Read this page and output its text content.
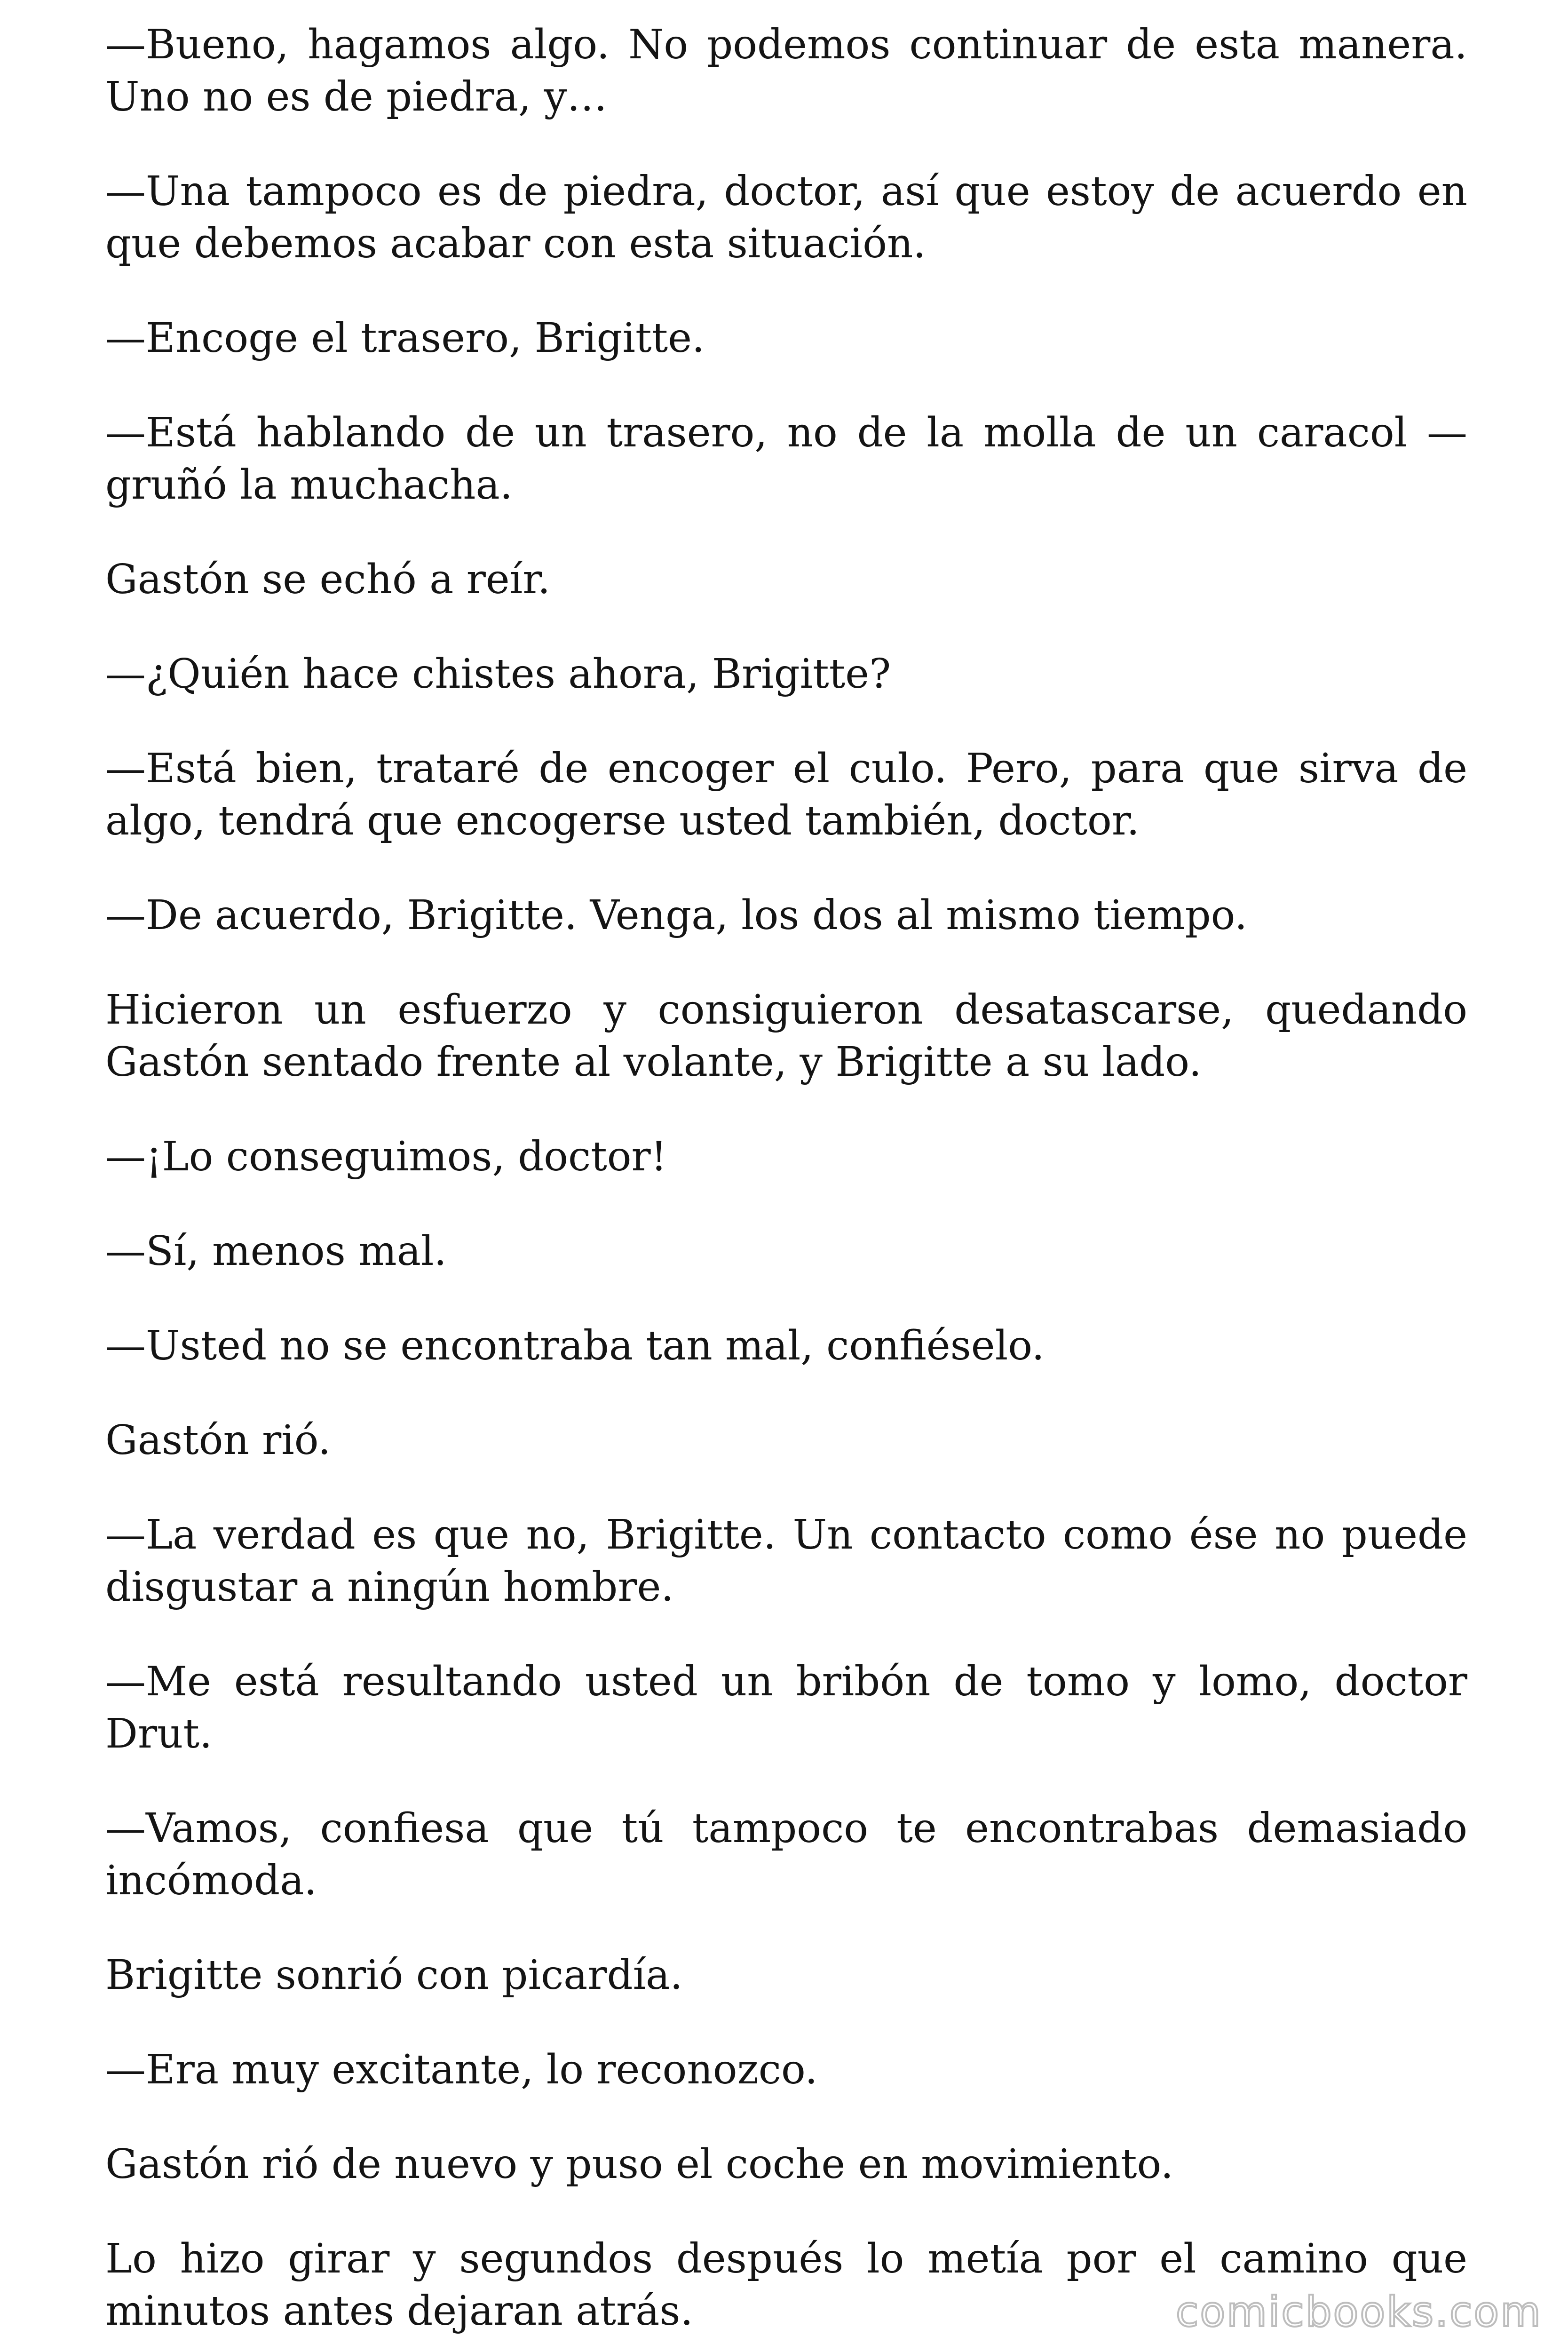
—Bueno, hagamos algo. No podemos continuar de esta manera. Uno no es de piedra, y…

—Una tampoco es de piedra, doctor, así que estoy de acuerdo en que debemos acabar con esta situación.

—Encoge el trasero, Brigitte.

—Está hablando de un trasero, no de la molla de un caracol —gruñó la muchacha.

Gastón se echó a reír.

—¿Quién hace chistes ahora, Brigitte?

—Está bien, trataré de encoger el culo. Pero, para que sirva de algo, tendrá que encogerse usted también, doctor.

—De acuerdo, Brigitte. Venga, los dos al mismo tiempo.

Hicieron un esfuerzo y consiguieron desatascarse, quedando Gastón sentado frente al volante, y Brigitte a su lado.

—¡Lo conseguimos, doctor!

—Sí, menos mal.

—Usted no se encontraba tan mal, confiéselo.

Gastón rió.

—La verdad es que no, Brigitte. Un contacto como ése no puede disgustar a ningún hombre.

—Me está resultando usted un bribón de tomo y lomo, doctor Drut.

—Vamos, confiesa que tú tampoco te encontrabas demasiado incómoda.

Brigitte sonrió con picardía.

—Era muy excitante, lo reconozco.

Gastón rió de nuevo y puso el coche en movimiento.

Lo hizo girar y segundos después lo metía por el camino que minutos antes dejaran atrás.	comicbooks.com
